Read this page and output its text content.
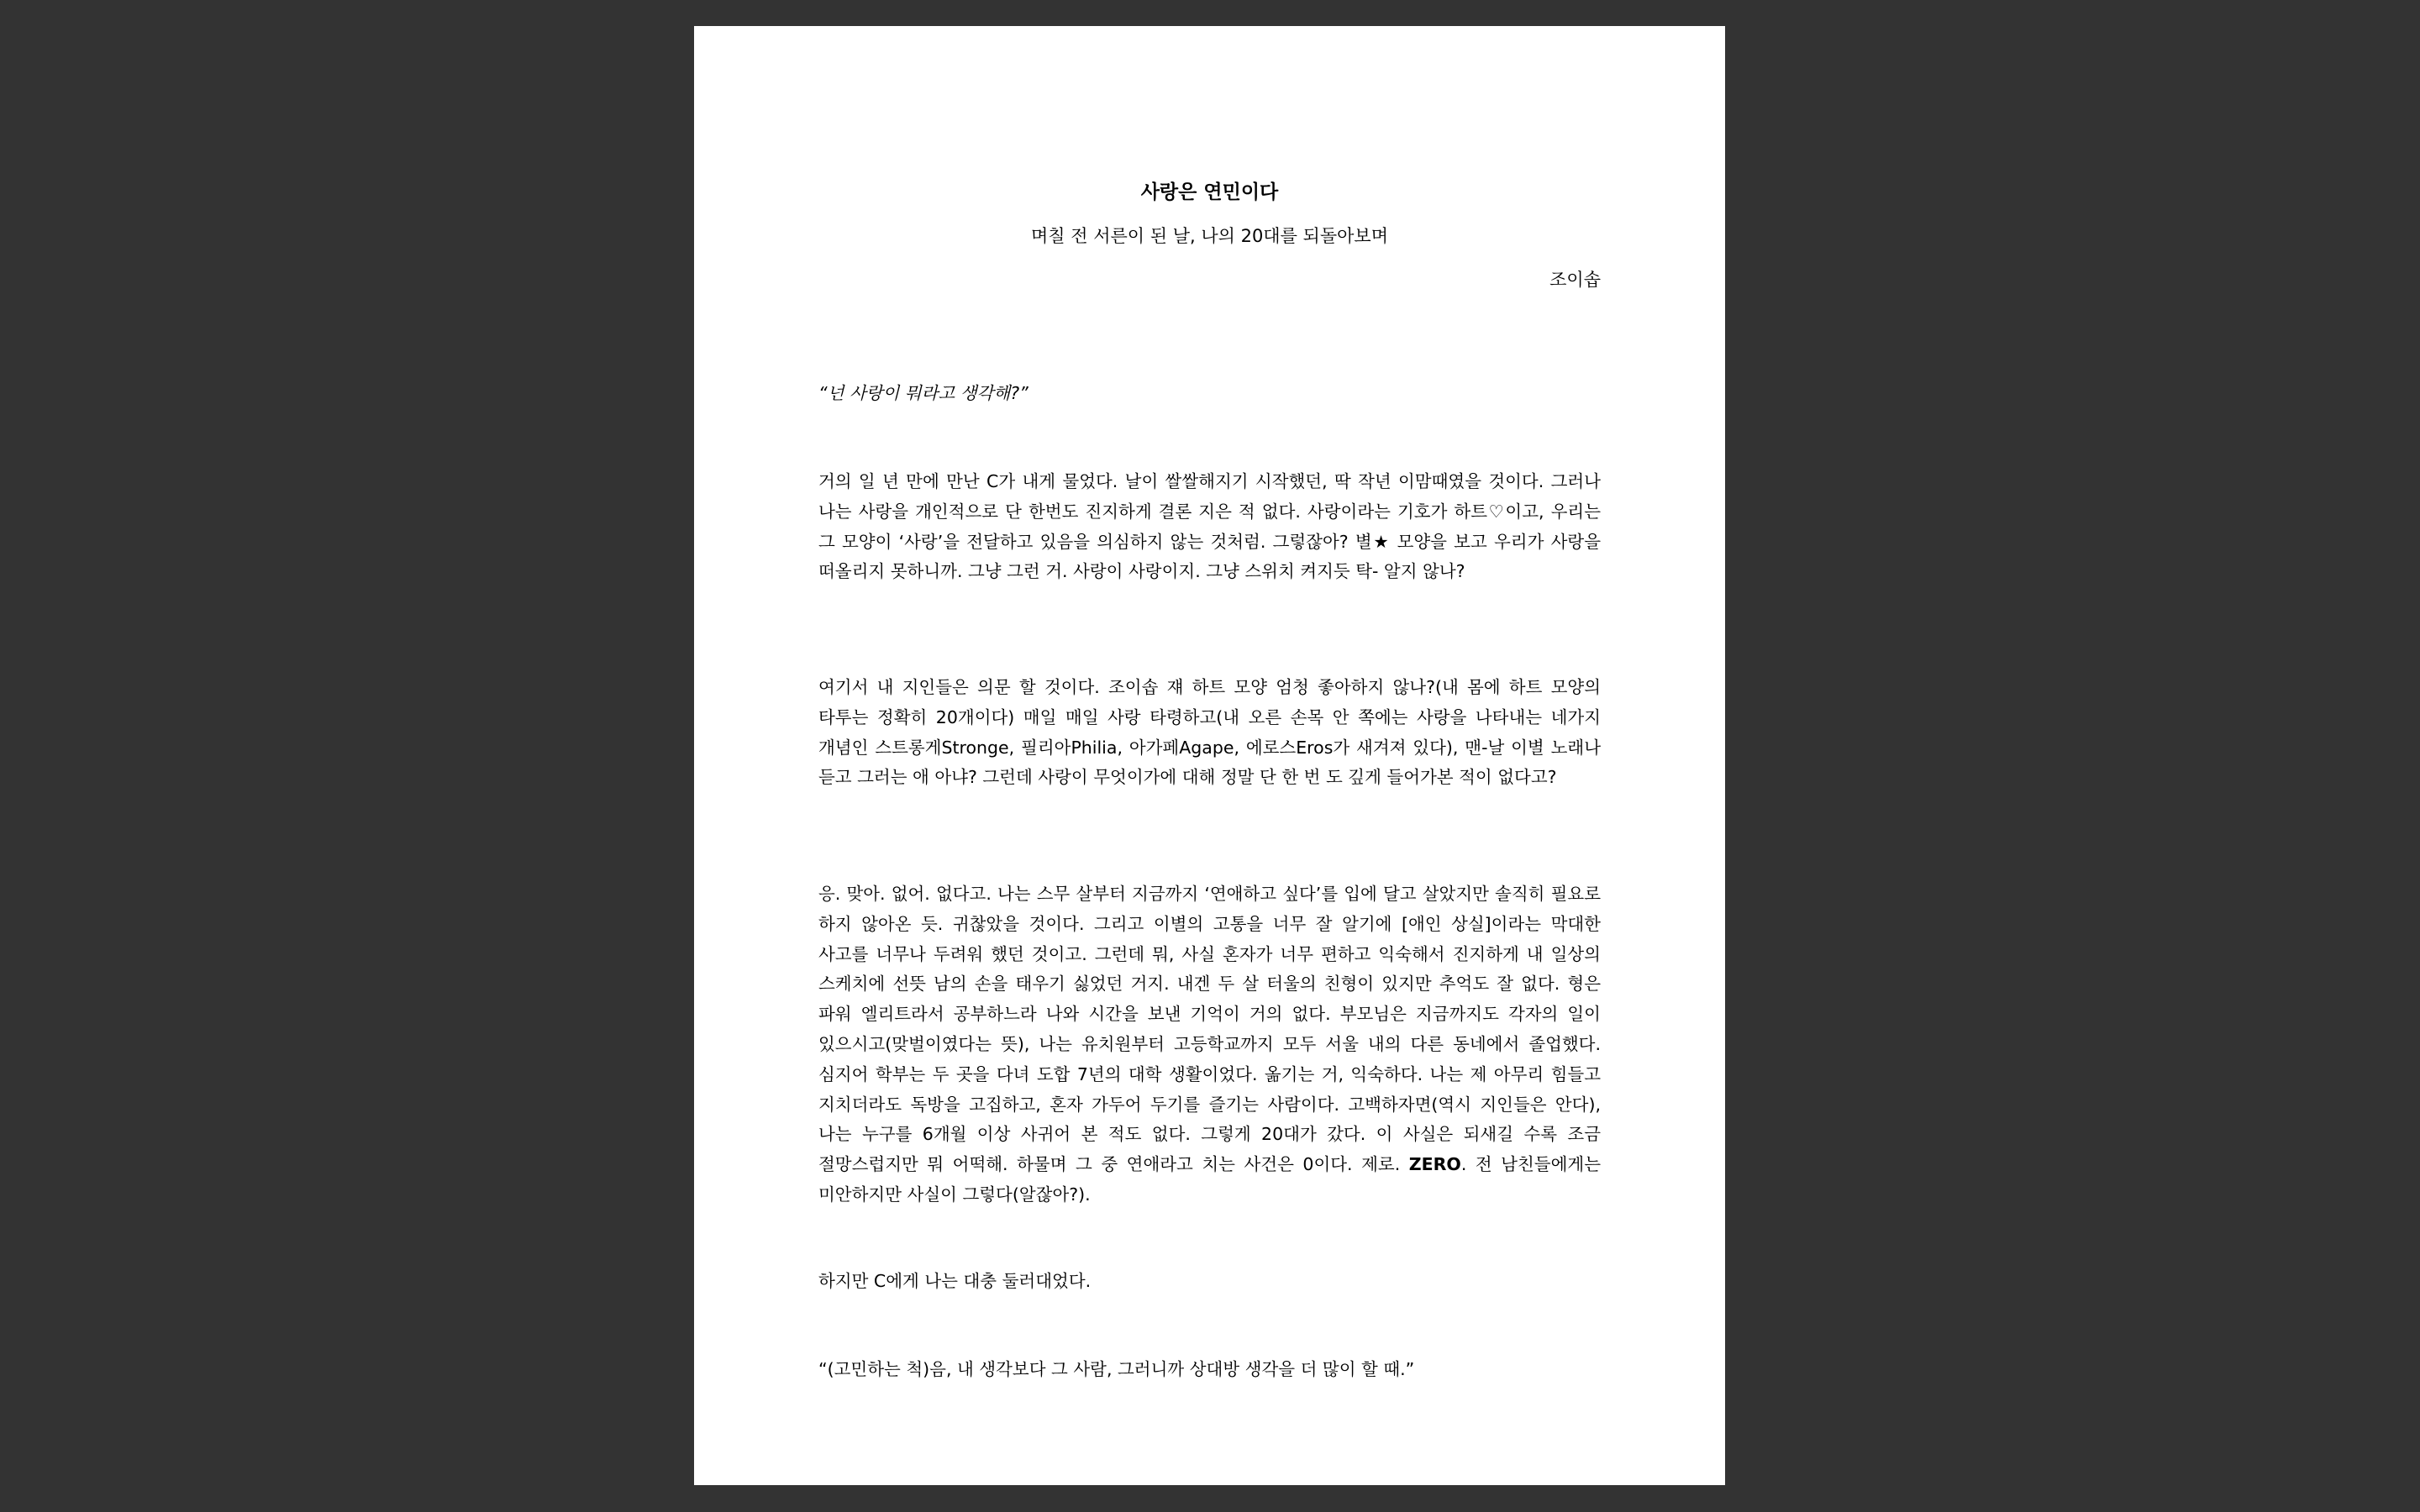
사랑은 연민이다

며칠 전 서른이 된 날, 나의 20대를 되돌아보며

조이솝

“넌 사랑이 뭐라고 생각해?”

거의 일 년 만에 만난 C가 내게 물었다. 날이 쌀쌀해지기 시작했던, 딱 작년 이맘때였을 것이다. 그러나 나는 사랑을 개인적으로 단 한번도 진지하게 결론 지은 적 없다. 사랑이라는 기호가 하트♡이고, 우리는 그 모양이 ‘사랑’을 전달하고 있음을 의심하지 않는 것처럼. 그렇잖아? 별★ 모양을 보고 우리가 사랑을 떠올리지 못하니까. 그냥 그런 거. 사랑이 사랑이지. 그냥 스위치 켜지듯 탁- 알지 않나?

여기서 내 지인들은 의문 할 것이다. 조이솝 쟤 하트 모양 엄청 좋아하지 않나?(내 몸에 하트 모양의 타투는 정확히 20개이다) 매일 매일 사랑 타령하고(내 오른 손목 안 쪽에는 사랑을 나타내는 네가지 개념인 스트롱게Stronge, 필리아Philia, 아가페Agape, 에로스Eros가 새겨져 있다), 맨-날 이별 노래나 듣고 그러는 애 아냐? 그런데 사랑이 무엇이가에 대해 정말 단 한 번 도 깊게 들어가본 적이 없다고?

응. 맞아. 없어. 없다고. 나는 스무 살부터 지금까지 ‘연애하고 싶다’를 입에 달고 살았지만 솔직히 필요로 하지 않아온 듯. 귀찮았을 것이다. 그리고 이별의 고통을 너무 잘 알기에 [애인 상실]이라는 막대한 사고를 너무나 두려워 했던 것이고. 그런데 뭐, 사실 혼자가 너무 편하고 익숙해서 진지하게 내 일상의 스케치에 선뜻 남의 손을 태우기 싫었던 거지. 내겐 두 살 터울의 친형이 있지만 추억도 잘 없다. 형은 파워 엘리트라서 공부하느라 나와 시간을 보낸 기억이 거의 없다. 부모님은 지금까지도 각자의 일이 있으시고(맞벌이였다는 뜻), 나는 유치원부터 고등학교까지 모두 서울 내의 다른 동네에서 졸업했다. 심지어 학부는 두 곳을 다녀 도합 7년의 대학 생활이었다. 옮기는 거, 익숙하다. 나는 제 아무리 힘들고 지치더라도 독방을 고집하고, 혼자 가두어 두기를 즐기는 사람이다. 고백하자면(역시 지인들은 안다), 나는 누구를 6개월 이상 사귀어 본 적도 없다. 그렇게 20대가 갔다. 이 사실은 되새길 수록 조금 절망스럽지만 뭐 어떡해. 하물며 그 중 연애라고 치는 사건은 0이다. 제로. ZERO. 전 남친들에게는 미안하지만 사실이 그렇다(알잖아?).

하지만 C에게 나는 대충 둘러대었다.

“(고민하는 척)음, 내 생각보다 그 사람, 그러니까 상대방 생각을 더 많이 할 때.”
